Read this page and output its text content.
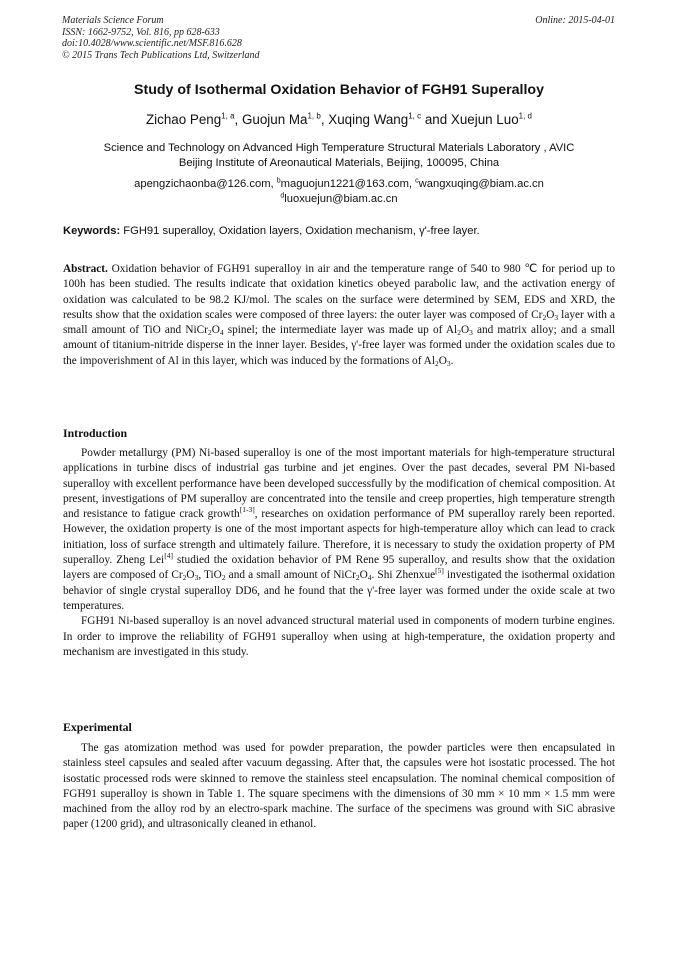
Materials Science Forum
ISSN: 1662-9752, Vol. 816, pp 628-633
doi:10.4028/www.scientific.net/MSF.816.628
© 2015 Trans Tech Publications Ltd, Switzerland
Online: 2015-04-01
Study of Isothermal Oxidation Behavior of FGH91 Superalloy
Zichao Peng$^{1, a}$, Guojun Ma$^{1, b}$, Xuqing Wang$^{1, c}$ and Xuejun Luo$^{1, d}$
Science and Technology on Advanced High Temperature Structural Materials Laboratory , AVIC
Beijing Institute of Areonautical Materials, Beijing, 100095, China
apengzichaonba@126.com, $^b$maguojun1221@163.com, $^c$wangxuqing@biam.ac.cn
$^d$luoxuejun@biam.ac.cn
Keywords: FGH91 superalloy, Oxidation layers, Oxidation mechanism, γ'-free layer.

Abstract. Oxidation behavior of FGH91 superalloy in air and the temperature range of 540 to 980 ℃ for period up to 100h has been studied. The results indicate that oxidation kinetics obeyed parabolic law, and the activation energy of oxidation was calculated to be 98.2 KJ/mol. The scales on the surface were determined by SEM, EDS and XRD, the results show that the oxidation scales were composed of three layers: the outer layer was composed of $Cr_2O_3$ layer with a small amount of TiO and $NiCr_2O_4$ spinel; the intermediate layer was made up of $Al_2O_3$ and matrix alloy; and a small amount of titanium-nitride disperse in the inner layer. Besides, γ'-free layer was formed under the oxidation scales due to the impoverishment of Al in this layer, which was induced by the formations of $Al_2O_3$.

Introduction

Powder metallurgy (PM) Ni-based superalloy is one of the most important materials for high-temperature structural applications in turbine discs of industrial gas turbine and jet engines. Over the past decades, several PM Ni-based superalloy with excellent performance have been developed successfully by the modification of chemical composition. At present, investigations of PM superalloy are concentrated into the tensile and creep properties, high temperature strength and resistance to fatigue crack growth[1-3], researches on oxidation performance of PM superalloy rarely been reported. However, the oxidation property is one of the most important aspects for high-temperature alloy which can lead to crack initiation, loss of surface strength and ultimately failure. Therefore, it is necessary to study the oxidation property of PM superalloy. Zheng Lei[4] studied the oxidation behavior of PM Rene 95 superalloy, and results show that the oxidation layers are composed of $Cr_2O_3$, TiO$_2$ and a small amount of $NiCr_2O_4$. Shi Zhenxue[5] investigated the isothermal oxidation behavior of single crystal superalloy DD6, and he found that the γ'-free layer was formed under the oxide scale at two temperatures.

FGH91 Ni-based superalloy is an novel advanced structural material used in components of modern turbine engines. In order to improve the reliability of FGH91 superalloy when using at high-temperature, the oxidation property and mechanism are investigated in this study.

Experimental

The gas atomization method was used for powder preparation, the powder particles were then encapsulated in stainless steel capsules and sealed after vacuum degassing. After that, the capsules were hot isostatic processed. The hot isostatic processed rods were skinned to remove the stainless steel encapsulation. The nominal chemical composition of FGH91 superalloy is shown in Table 1. The square specimens with the dimensions of 30 mm × 10 mm × 1.5 mm were machined from the alloy rod by an electro-spark machine. The surface of the specimens was ground with SiC abrasive paper (1200 grid), and ultrasonically cleaned in ethanol.
